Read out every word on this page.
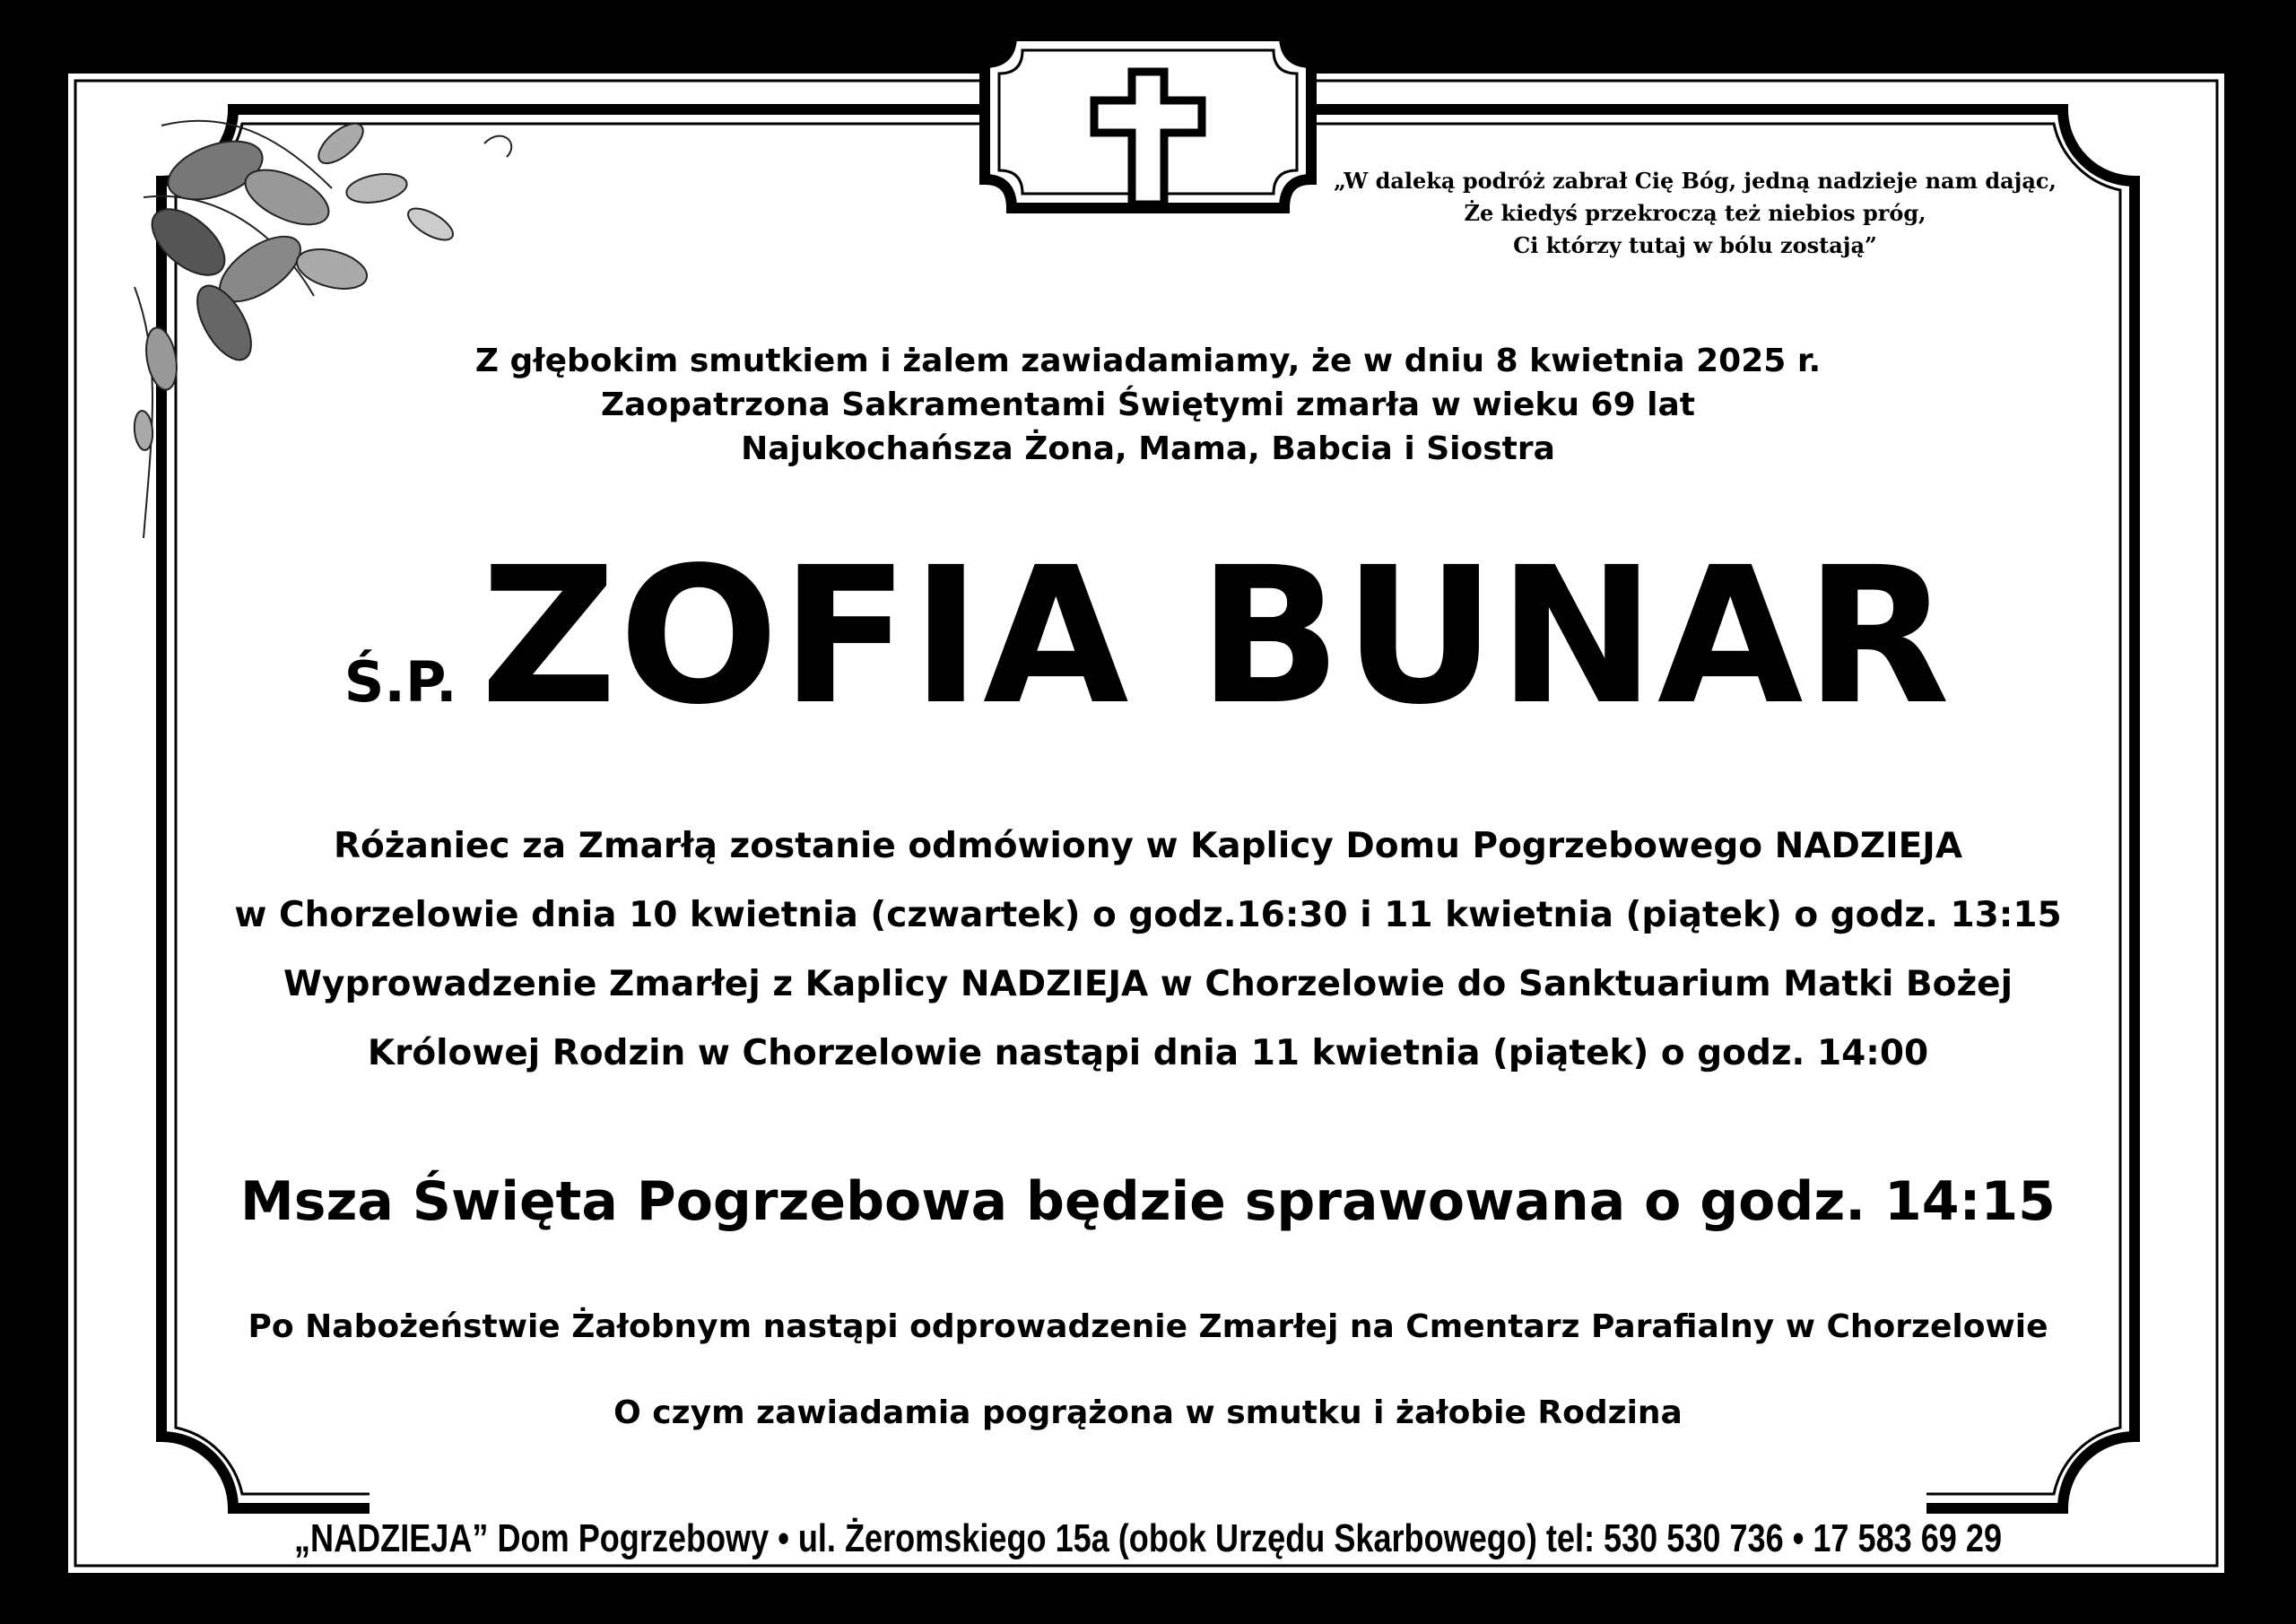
„W daleką podróż zabrał Cię Bóg, jedną nadzieje nam dając,
Że kiedyś przekroczą też niebios próg,
Ci którzy tutaj w bólu zostają”
Z głębokim smutkiem i żalem zawiadamiamy, że w dniu 8 kwietnia 2025 r.
Zaopatrzona Sakramentami Świętymi zmarła w wieku 69 lat
Najukochańsza Żona, Mama, Babcia i Siostra
Ś.P. ZOFIA BUNAR
Różaniec za Zmarłą zostanie odmówiony w Kaplicy Domu Pogrzebowego NADZIEJA
w Chorzelowie dnia 10 kwietnia (czwartek) o godz.16:30 i 11 kwietnia (piątek) o godz. 13:15
Wyprowadzenie Zmarłej z Kaplicy NADZIEJA w Chorzelowie do Sanktuarium Matki Bożej
Królowej Rodzin w Chorzelowie nastąpi dnia 11 kwietnia (piątek) o godz. 14:00
Msza Święta Pogrzebowa będzie sprawowana o godz. 14:15
Po Nabożeństwie Żałobnym nastąpi odprowadzenie Zmarłej na Cmentarz Parafialny w Chorzelowie
O czym zawiadamia pogrążona w smutku i żałobie Rodzina
„NADZIEJA” Dom Pogrzebowy • ul. Żeromskiego 15a (obok Urzędu Skarbowego) tel: 530 530 736 • 17 583 69 29
